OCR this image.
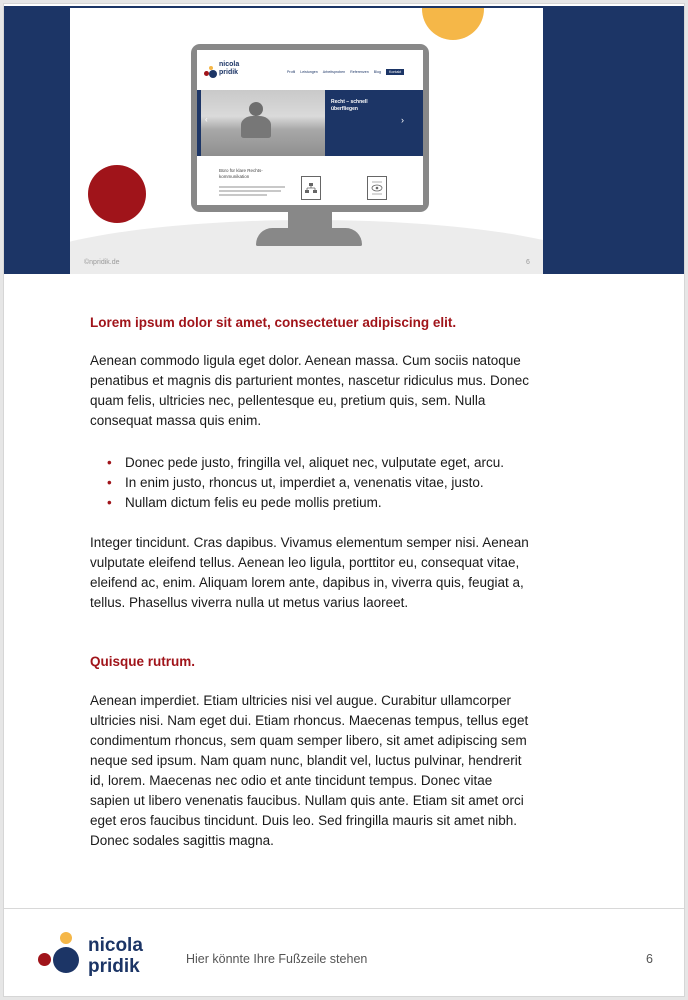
nicola
pridik	Profil Leistungen Arbeitsproben Referenzen Blog	Kontakt
‹
Recht – schnell überfliegen
›
Büro für klare Rechts-kommunikation
©npridik.de	6
Lorem ipsum dolor sit amet, consectetuer adipiscing elit.

Aenean commodo ligula eget dolor. Aenean massa. Cum sociis natoque penatibus et magnis dis parturient montes, nascetur ridiculus mus. Donec quam felis, ultricies nec, pellentesque eu, pretium quis, sem. Nulla consequat massa quis enim.

• Donec pede justo, fringilla vel, aliquet nec, vulputate eget, arcu.
• In enim justo, rhoncus ut, imperdiet a, venenatis vitae, justo.
• Nullam dictum felis eu pede mollis pretium.

Integer tincidunt. Cras dapibus. Vivamus elementum semper nisi. Aenean vulputate eleifend tellus. Aenean leo ligula, porttitor eu, consequat vitae, eleifend ac, enim. Aliquam lorem ante, dapibus in, viverra quis, feugiat a, tellus. Phasellus viverra nulla ut metus varius laoreet.

Quisque rutrum.

Aenean imperdiet. Etiam ultricies nisi vel augue. Curabitur ullamcorper ultricies nisi. Nam eget dui. Etiam rhoncus. Maecenas tempus, tellus eget condimentum rhoncus, sem quam semper libero, sit amet adipiscing sem neque sed ipsum. Nam quam nunc, blandit vel, luctus pulvinar, hendrerit id, lorem. Maecenas nec odio et ante tincidunt tempus. Donec vitae sapien ut libero venenatis faucibus. Nullam quis ante. Etiam sit amet orci eget eros faucibus tincidunt. Duis leo. Sed fringilla mauris sit amet nibh. Donec sodales sagittis magna.

nicola
pridik	Hier könnte Ihre Fußzeile stehen	6
